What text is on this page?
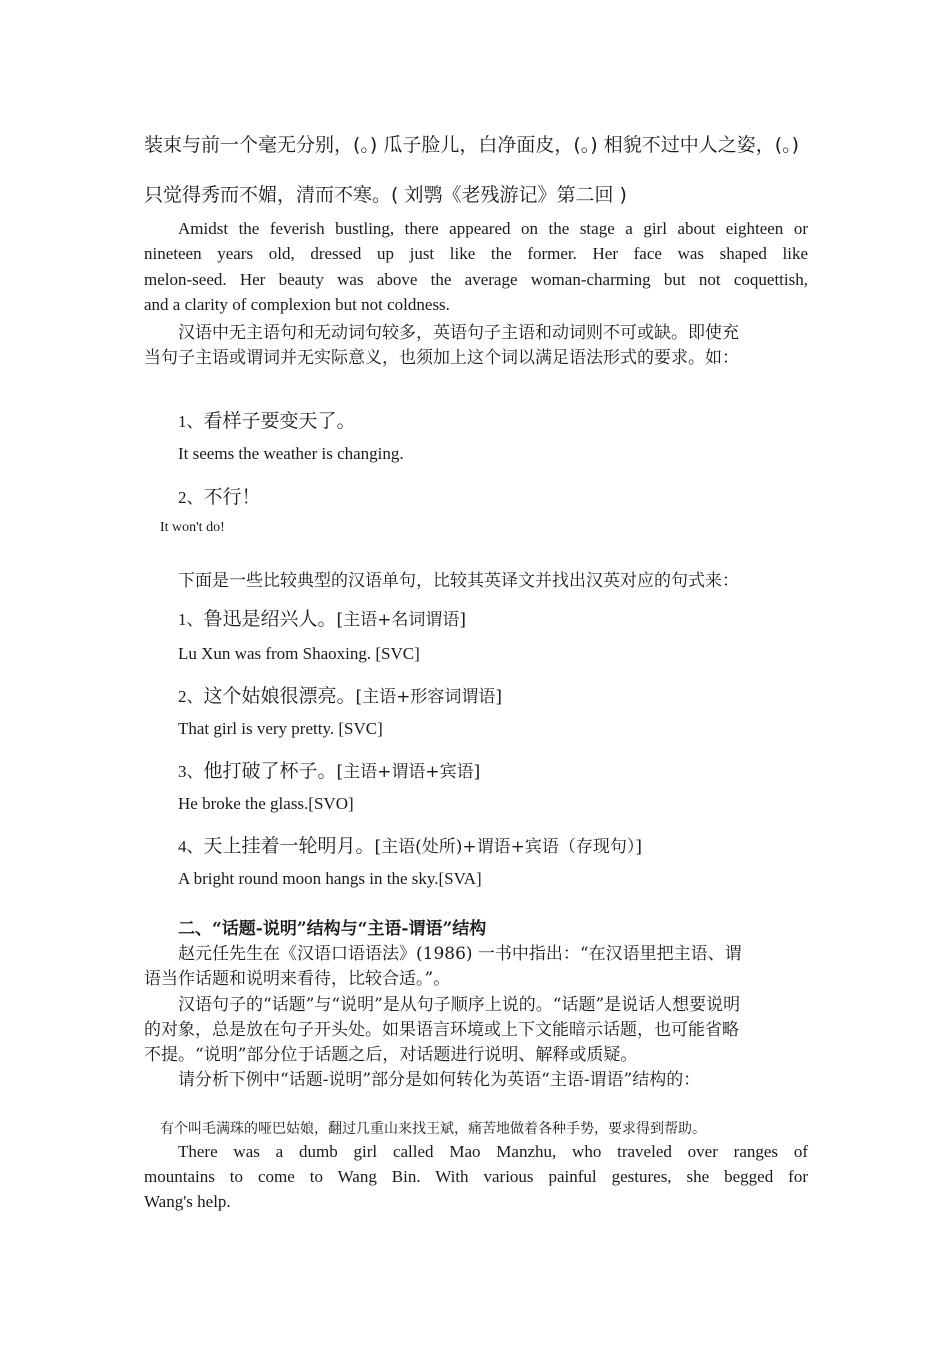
装束与前一个毫无分别，(。) 瓜子脸儿，白净面皮，(。) 相貌不过中人之姿，(。)
只觉得秀而不媚，清而不寒。( 刘鹗《老残游记》第二回 )
Amidst the feverish bustling, there appeared on the stage a girl about eighteen or
nineteen years old, dressed up just like the former. Her face was shaped like
melon-seed. Her beauty was above the average woman-charming but not coquettish,
and a clarity of complexion but not coldness.
汉语中无主语句和无动词句较多，英语句子主语和动词则不可或缺。即使充
当句子主语或谓词并无实际意义，也须加上这个词以满足语法形式的要求。如：
1、看样子要变天了。
It seems the weather is changing.
2、不行！
It won't do!
下面是一些比较典型的汉语单句，比较其英译文并找出汉英对应的句式来：
1、鲁迅是绍兴人。[主语+名词谓语]
Lu Xun was from Shaoxing. [SVC]
2、这个姑娘很漂亮。[主语+形容词谓语]
That girl is very pretty. [SVC]
3、他打破了杯子。[主语+谓语+宾语]
He broke the glass.[SVO]
4、天上挂着一轮明月。[主语(处所)+谓语+宾语（存现句）]
A bright round moon hangs in the sky.[SVA]
二、“话题-说明”结构与“主语-谓语”结构
赵元任先生在《汉语口语语法》(1986) 一书中指出：“在汉语里把主语、谓
语当作话题和说明来看待，比较合适。”。
汉语句子的“话题”与“说明”是从句子顺序上说的。“话题”是说话人想要说明
的对象，总是放在句子开头处。如果语言环境或上下文能暗示话题，也可能省略
不提。“说明”部分位于话题之后，对话题进行说明、解释或质疑。
请分析下例中“话题-说明”部分是如何转化为英语“主语-谓语”结构的：
有个叫毛满珠的哑巴姑娘，翻过几重山来找王斌，痛苦地做着各种手势，要求得到帮助。
There was a dumb girl called Mao Manzhu, who traveled over ranges of
mountains to come to Wang Bin. With various painful gestures, she begged for
Wang's help.
